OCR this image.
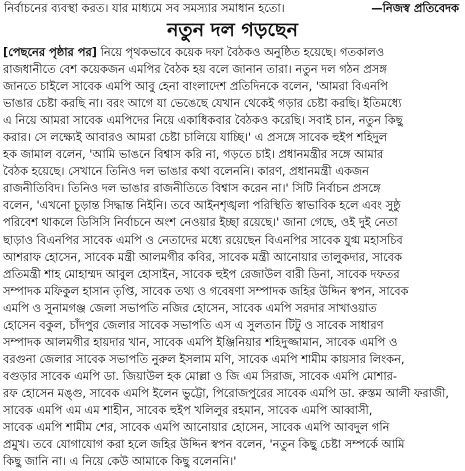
নির্বাচনের ব্যবস্থা করত। যার মাধ্যমে সব সমস্যার সমাধান হতো।	—নিজস্ব প্রতিবেদক
নতুন দল গড়ছেন
[পেছনের পৃষ্ঠার পর] নিয়ে পৃথকভাবে কয়েক দফা বৈঠকও অনুষ্ঠিত হয়েছে। গতকালও
রাজধানীতে বেশ কয়েকজন এমপির বৈঠক হয় বলে জানান তারা। নতুন দল গঠন প্রসঙ্গ
জানতে চাইলে সাবেক এমপি আবু হেনা বাংলাদেশ প্রতিদিনকে বলেন, 'আমরা বিএনপি
ভাঙার চেষ্টা করছি না। বরং আগে যা ভেঙেছে যেখান থেকেই গড়ার চেষ্টা করছি। ইতিমধ্যে
এ নিয়ে আমরা সাবেক এমপিদের নিয়ে একাধিকবার বৈঠকও করেছি। সবাই চান, নতুন কিছু
করার। সে লক্ষ্যেই আবারও আমরা চেষ্টা চালিয়ে যাচ্ছি।' এ প্রসঙ্গে সাবেক হুইপ শহিদুল
হক জামাল বলেন, 'আমি ভাঙনে বিশ্বাস করি না, গড়তে চাই। প্রধানমন্ত্রীর সঙ্গে আমার
বৈঠক হয়েছে। সেখানে তিনিও দল ভাঙার কথা বলেননি। কারণ, প্রধানমন্ত্রী একজন
রাজনীতিবিদ। তিনিও দল ভাঙার রাজনীতিতে বিশ্বাস করেন না।' সিটি নির্বাচন প্রসঙ্গে
বলেন, 'এখনো চূড়ান্ত সিদ্ধান্ত নিইনি। তবে আইনশৃঙ্খলা পরিস্থিতি স্বাভাবিক হলে এবং সুষ্ঠু
পরিবেশ থাকলে ডিসিসি নির্বাচনে অংশ নেওয়ার ইচ্ছা রয়েছে।' জানা গেছে, ওই দুই নেতা
ছাড়াও বিএনপির সাবেক এমপি ও নেতাদের মধ্যে রয়েছেন বিএনপির সাবেক যুগ্ম মহাসচিব
আশরাফ হোসেন, সাবেক মন্ত্রী আলমগীর কবির, সাবেক মন্ত্রী আনোয়ার তালুকদার, সাবেক
প্রতিমন্ত্রী শাহ মোহাম্মদ আবুল হোসাইন, সাবেক হুইপ রেজাউল বারী ডিনা, সাবেক দফতর
সম্পাদক মফিকুল হাসান তৃপ্তি, সাবেক তথ্য ও গবেষণা সম্পাদক জহির উদ্দিন স্বপন, সাবেক
এমপি ও সুনামগঞ্জ জেলা সভাপতি নজির হোসেন, সাবেক এমপি সরদার সাখাওয়াত
হোসেন বকুল, চাঁদপুর জেলার সাবেক সভাপতি এস এ সুলতান টিটু ও সাবেক সাধারণ
সম্পাদক আলমগীর হায়দার খান, সাবেক এমপি ইঞ্জিনিয়ার শহিদুজ্জামান, সাবেক এমপি ও
বরগুনা জেলার সাবেক সভাপতি নুরুল ইসলাম মণি, সাবেক এমপি শামীম কায়সার লিংকন,
বগুড়ার সাবেক এমপি ডা. জিয়াউল হক মোল্লা ও জি এম সিরাজ, সাবেক এমপি মোশার-
রফ হোসেন মঙ্গু, সাবেক এমপি ইলেন ভুট্টো, পিরোজপুরের সাবেক এমপি ডা. রুস্তম আলী ফরাজী,
সাবেক এমপি এম এম শাহীন, সাবেক হুইপ খলিলুর রহমান, সাবেক এমপি আব্বাসী,
সাবেক এমপি শামীম শের, সাবেক এমপি আনোয়ার হোসেন, সাবেক এমপি আবদুল গনি
প্রমুখ। তবে যোগাযোগ করা হলে জহির উদ্দিন স্বপন বলেন, 'নতুন কিছু চেষ্টা সম্পর্কে আমি
কিছু জানি না। এ নিয়ে কেউ আমাকে কিছু বলেননি।'
